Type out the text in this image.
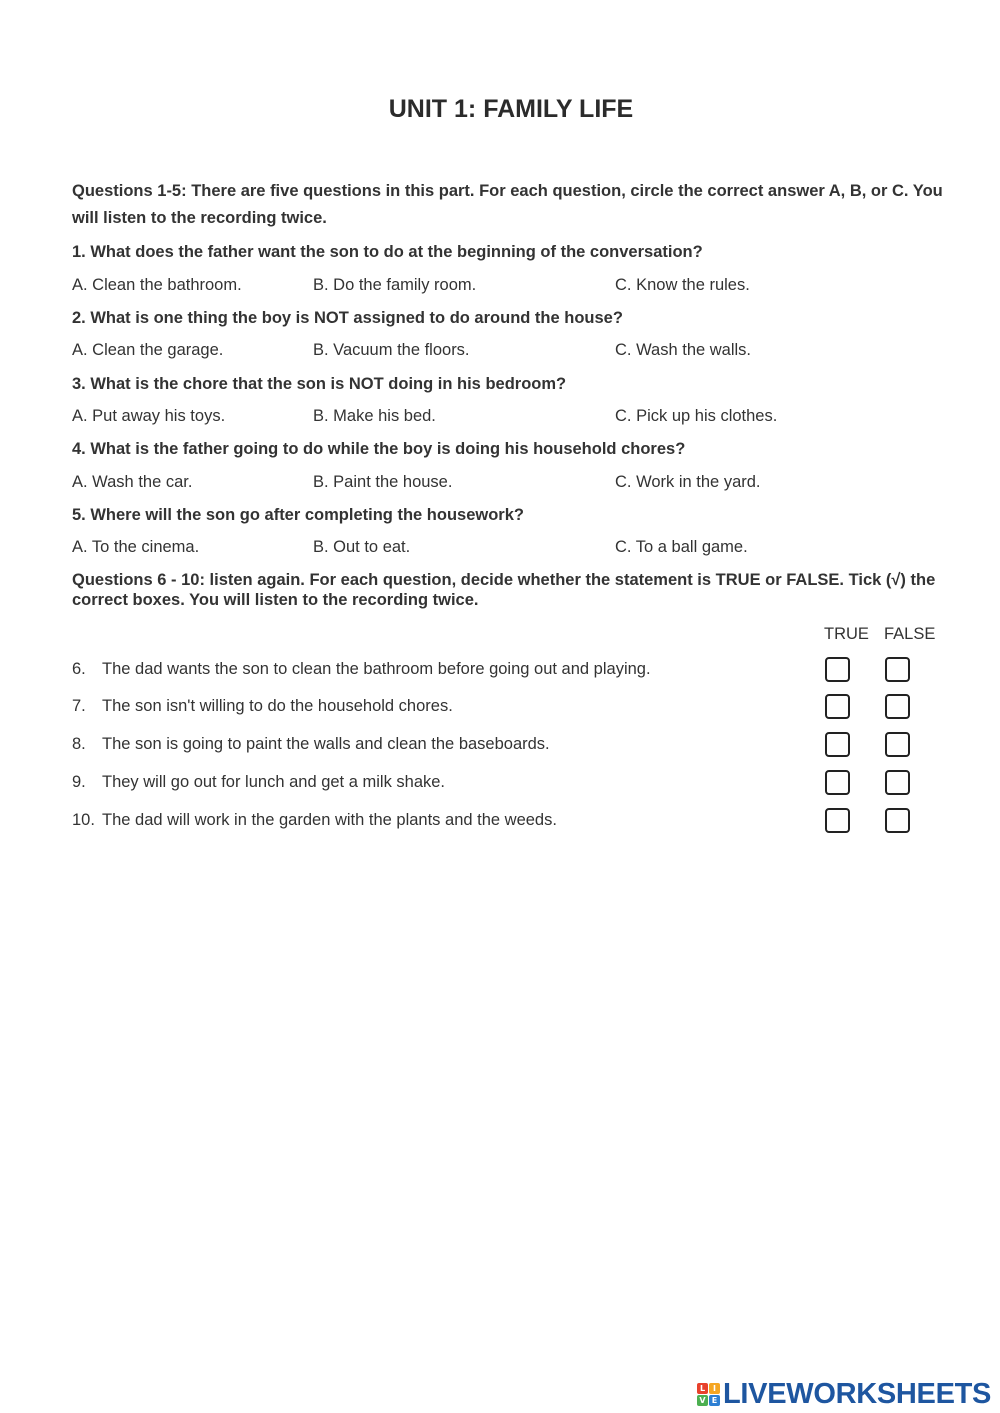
UNIT 1: FAMILY LIFE
Questions 1-5: There are five questions in this part. For each question, circle the correct answer A, B, or C. You will listen to the recording twice.
1. What does the father want the son to do at the beginning of the conversation?
A. Clean the bathroom.	B. Do the family room.	C. Know the rules.
2. What is one thing the boy is NOT assigned to do around the house?
A. Clean the garage.	B. Vacuum the floors.	C. Wash the walls.
3. What is the chore that the son is NOT doing in his bedroom?
A. Put away his toys.	B. Make his bed.	C. Pick up his clothes.
4. What is the father going to do while the boy is doing his household chores?
A. Wash the car.	B. Paint the house.	C. Work in the yard.
5. Where will the son go after completing the housework?
A. To the cinema.	B. Out to eat.	C. To a ball game.
Questions 6 - 10: listen again. For each question, decide whether the statement is TRUE or FALSE. Tick (√) the correct boxes. You will listen to the recording twice.
TRUE FALSE
6. The dad wants the son to clean the bathroom before going out and playing.
7. The son isn't willing to do the household chores.
8. The son is going to paint the walls and clean the baseboards.
9. They will go out for lunch and get a milk shake.
10. The dad will work in the garden with the plants and the weeds.
L I
V E LIVEWORKSHEETS
